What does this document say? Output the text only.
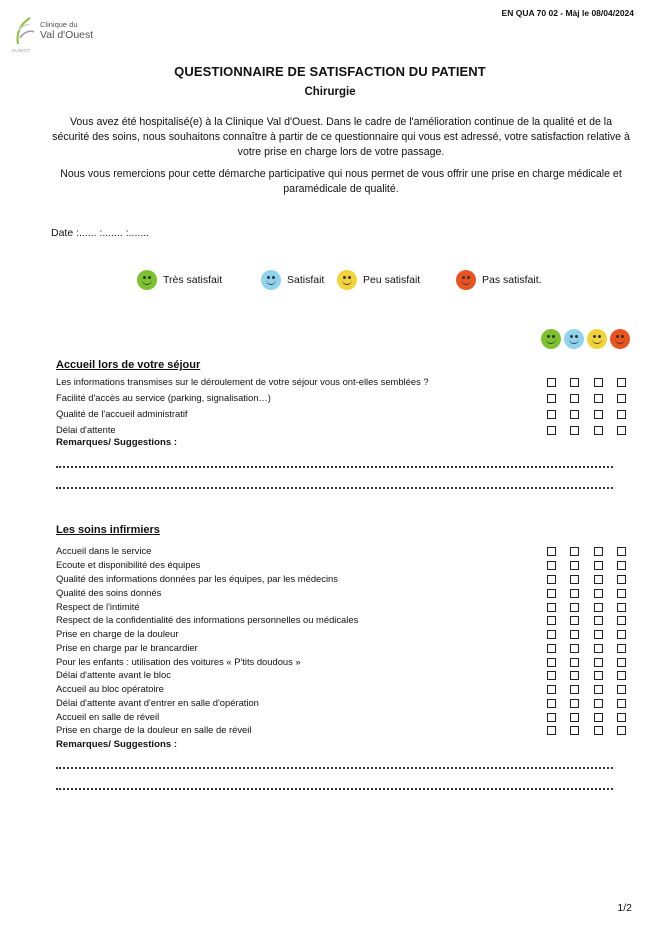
Clinique du
Val d'Ouest
KUNIOT
EN QUA 70 02 - Màj le 08/04/2024
QUESTIONNAIRE DE SATISFACTION DU PATIENT
Chirurgie

Vous avez été hospitalisé(e) à la Clinique Val d'Ouest. Dans le cadre de l'amélioration continue de la qualité et de la sécurité des soins, nous souhaitons connaître à partir de ce questionnaire qui vous est adressé, votre satisfaction relative à votre prise en charge lors de votre passage.

Nous vous remercions pour cette démarche participative qui nous permet de vous offrir une prise en charge médicale et paramédicale de qualité.

Date :...... :....... :.......
Très satisfait	Satisfait	Peu satisfait	Pas satisfait.
Accueil lors de votre séjour
Les informations transmises sur le déroulement de votre séjour vous ont-elles semblées ?
Facilité d'accès au service (parking, signalisation…)
Qualité de l'accueil administratif
Délai d'attente
Remarques/ Suggestions :
Les soins infirmiers
Accueil dans le service
Ecoute et disponibilité des équipes
Qualité des informations données par les équipes, par les médecins
Qualité des soins donnés
Respect de l'intimité
Respect de la confidentialité des informations personnelles ou médicales
Prise en charge de la douleur
Prise en charge par le brancardier
Pour les enfants : utilisation des voitures « P'tits doudous »
Délai d'attente avant le bloc
Accueil au bloc opératoire
Délai d'attente avant d'entrer en salle d'opération
Accueil en salle de réveil
Prise en charge de la douleur en salle de réveil
Remarques/ Suggestions :
1/2
